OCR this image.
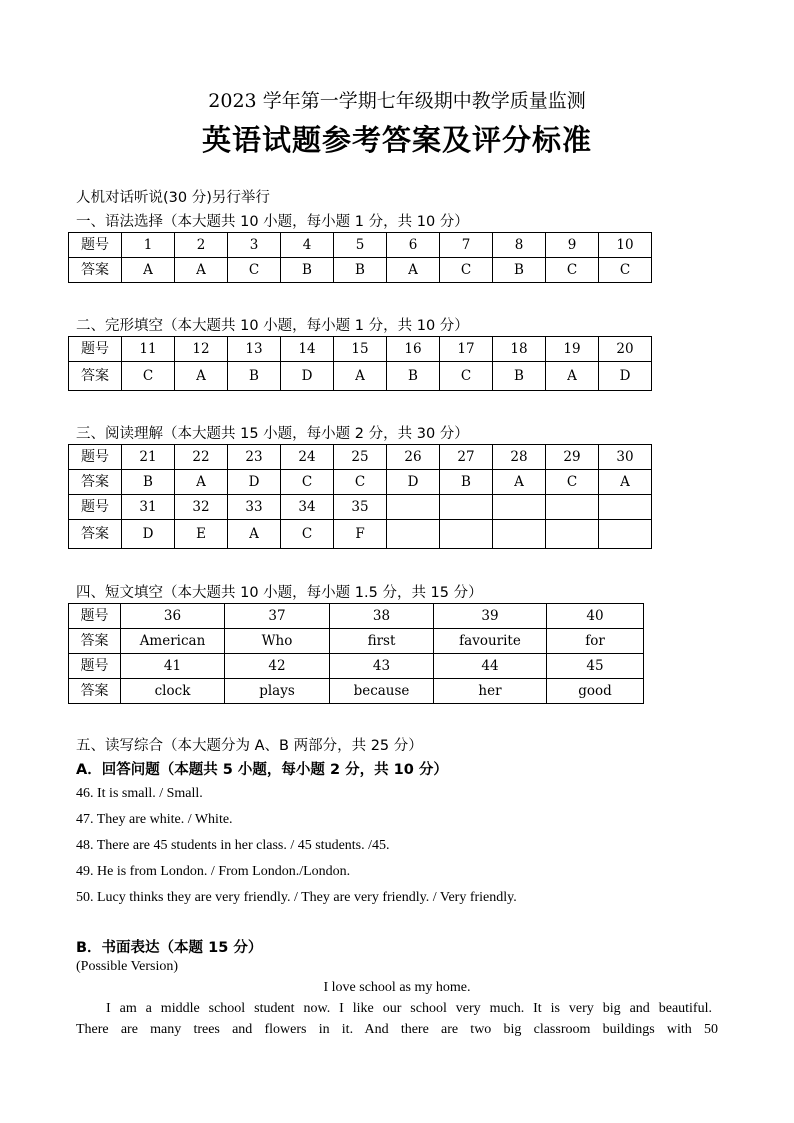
2023 学年第一学期七年级期中教学质量监测
英语试题参考答案及评分标准
人机对话听说(30 分)另行举行
一、语法选择（本大题共 10 小题，每小题 1 分，共 10 分）
题号	1	2	3	4	5	6	7	8	9	10
答案	A	A	C	B	B	A	C	B	C	C
二、完形填空（本大题共 10 小题，每小题 1 分，共 10 分）
题号	11	12	13	14	15	16	17	18	19	20
答案	C	A	B	D	A	B	C	B	A	D
三、阅读理解（本大题共 15 小题，每小题 2 分，共 30 分）
题号	21	22	23	24	25	26	27	28	29	30
答案	B	A	D	C	C	D	B	A	C	A
题号	31	32	33	34	35					
答案	D	E	A	C	F					
四、短文填空（本大题共 10 小题，每小题 1.5 分，共 15 分）
题号	36	37	38	39	40
答案	American	Who	first	favourite	for
题号	41	42	43	44	45
答案	clock	plays	because	her	good
五、读写综合（本大题分为 A、B 两部分，共 25 分）
A．回答问题（本题共 5 小题，每小题 2 分，共 10 分）
46. It is small. / Small.
47. They are white. / White.
48. There are 45 students in her class. / 45 students. /45.
49. He is from London. / From London./London.
50. Lucy thinks they are very friendly. / They are very friendly. / Very friendly.
B．书面表达（本题 15 分）
(Possible Version)
I love school as my home.
I am a middle school student now. I like our school very much. It is very big and beautiful.
There are many trees and flowers in it. And there are two big classroom buildings with 50
